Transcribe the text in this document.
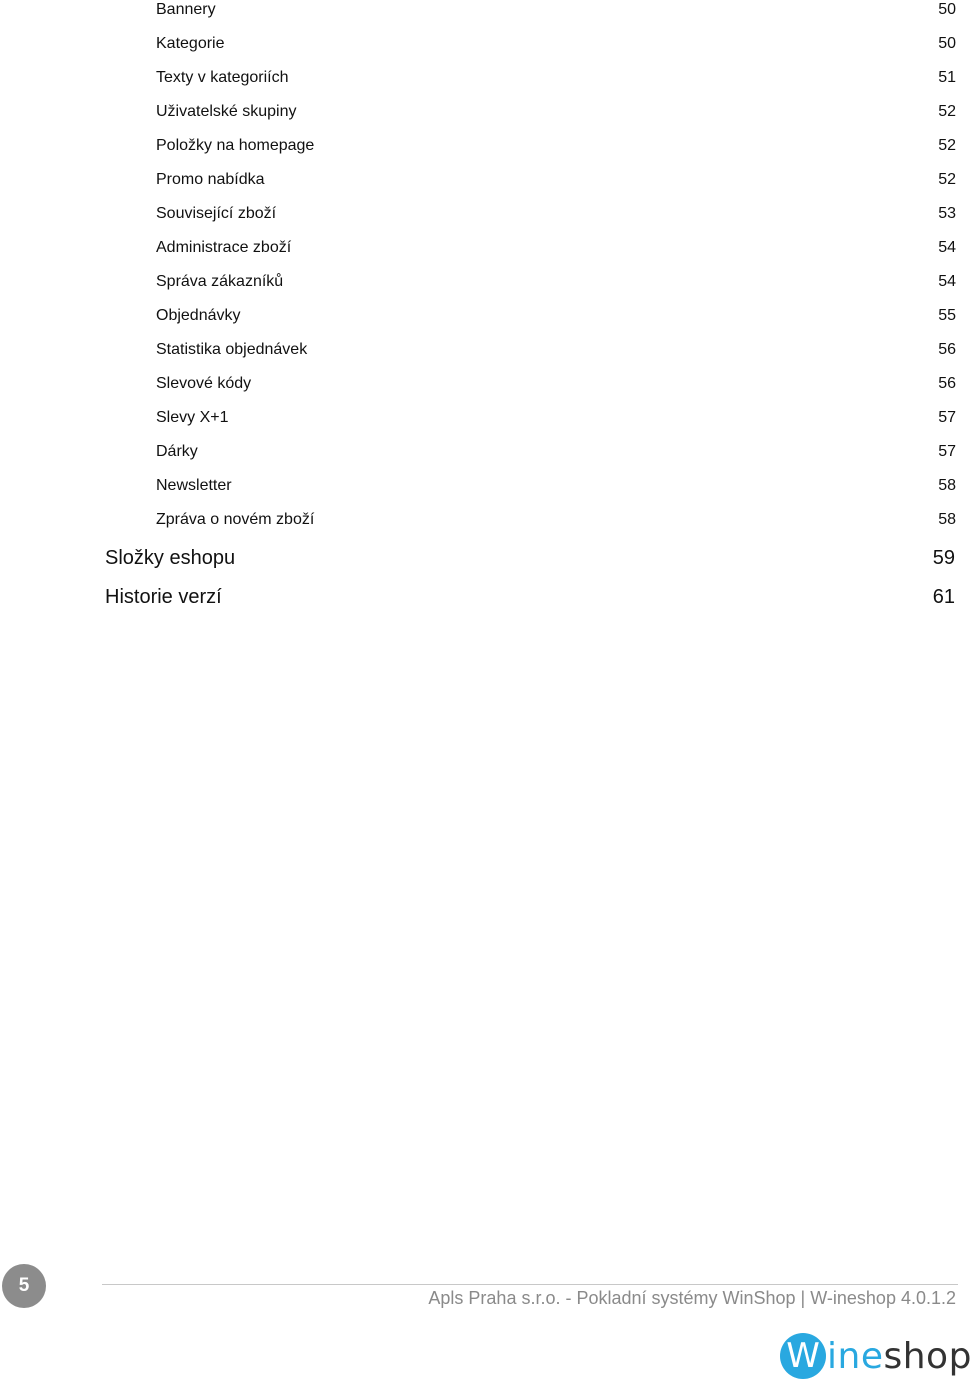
Bannery	50
Kategorie	50
Texty v kategoriích	51
Uživatelské skupiny	52
Položky na homepage	52
Promo nabídka	52
Související zboží	53
Administrace zboží	54
Správa zákazníků	54
Objednávky	55
Statistika objednávek	56
Slevové kódy	56
Slevy X+1	57
Dárky	57
Newsletter	58
Zpráva o novém zboží	58
Složky eshopu	59
Historie verzí	61
5
Apls Praha s.r.o. - Pokladní systémy WinShop | W-ineshop 4.0.1.2
W ine shop
